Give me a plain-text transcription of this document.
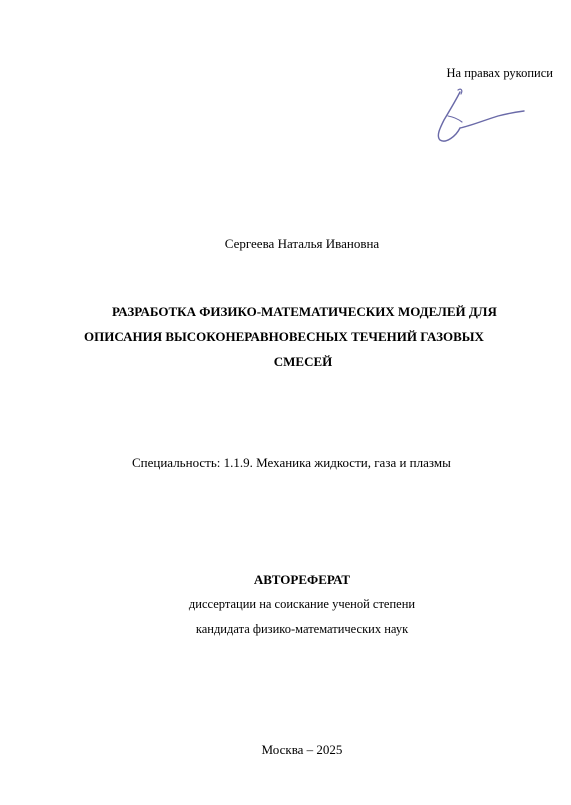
На правах рукописи
Сергеева Наталья Ивановна
РАЗРАБОТКА ФИЗИКО-МАТЕМАТИЧЕСКИХ МОДЕЛЕЙ ДЛЯ
ОПИСАНИЯ ВЫСОКОНЕРАВНОВЕСНЫХ ТЕЧЕНИЙ ГАЗОВЫХ
СМЕСЕЙ
Специальность: 1.1.9. Механика жидкости, газа и плазмы
АВТОРЕФЕРАТ
диссертации на соискание ученой степени
кандидата физико-математических наук
Москва – 2025
